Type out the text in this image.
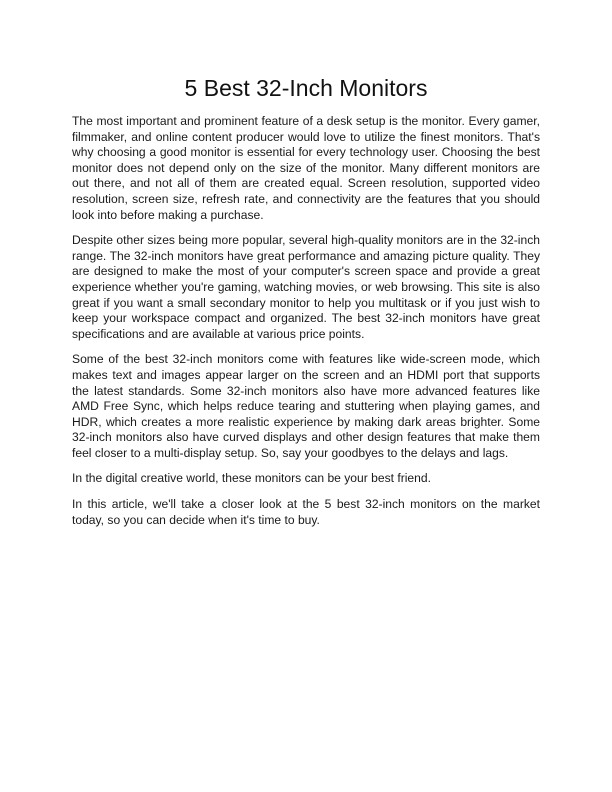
5 Best 32-Inch Monitors

The most important and prominent feature of a desk setup is the monitor. Every gamer, filmmaker, and online content producer would love to utilize the finest monitors. That's why choosing a good monitor is essential for every technology user. Choosing the best monitor does not depend only on the size of the monitor. Many different monitors are out there, and not all of them are created equal. Screen resolution, supported video resolution, screen size, refresh rate, and connectivity are the features that you should look into before making a purchase.

Despite other sizes being more popular, several high-quality monitors are in the 32-inch range. The 32-inch monitors have great performance and amazing picture quality. They are designed to make the most of your computer's screen space and provide a great experience whether you're gaming, watching movies, or web browsing. This site is also great if you want a small secondary monitor to help you multitask or if you just wish to keep your workspace compact and organized. The best 32-inch monitors have great specifications and are available at various price points.

Some of the best 32-inch monitors come with features like wide-screen mode, which makes text and images appear larger on the screen and an HDMI port that supports the latest standards. Some 32-inch monitors also have more advanced features like AMD Free Sync, which helps reduce tearing and stuttering when playing games, and HDR, which creates a more realistic experience by making dark areas brighter. Some 32-inch monitors also have curved displays and other design features that make them feel closer to a multi-display setup. So, say your goodbyes to the delays and lags.

In the digital creative world, these monitors can be your best friend.

In this article, we'll take a closer look at the 5 best 32-inch monitors on the market today, so you can decide when it's time to buy.
